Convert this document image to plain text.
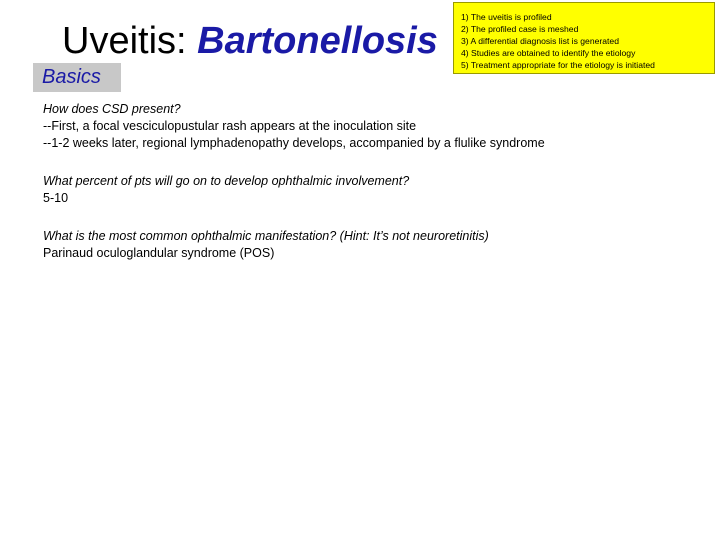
Uveitis: Bartonellosis
1) The uveitis is profiled
2) The profiled case is meshed
3) A differential diagnosis list is generated
4) Studies are obtained to identify the etiology
5) Treatment appropriate for the etiology is initiated
Basics
How does CSD present?
--First, a focal vesciculopustular rash appears at the inoculation site
--1-2 weeks later, regional lymphadenopathy develops, accompanied by a flulike syndrome
What percent of pts will go on to develop ophthalmic involvement?
5-10
What is the most common ophthalmic manifestation? (Hint: It’s not neuroretinitis)
Parinaud oculoglandular syndrome (POS)
